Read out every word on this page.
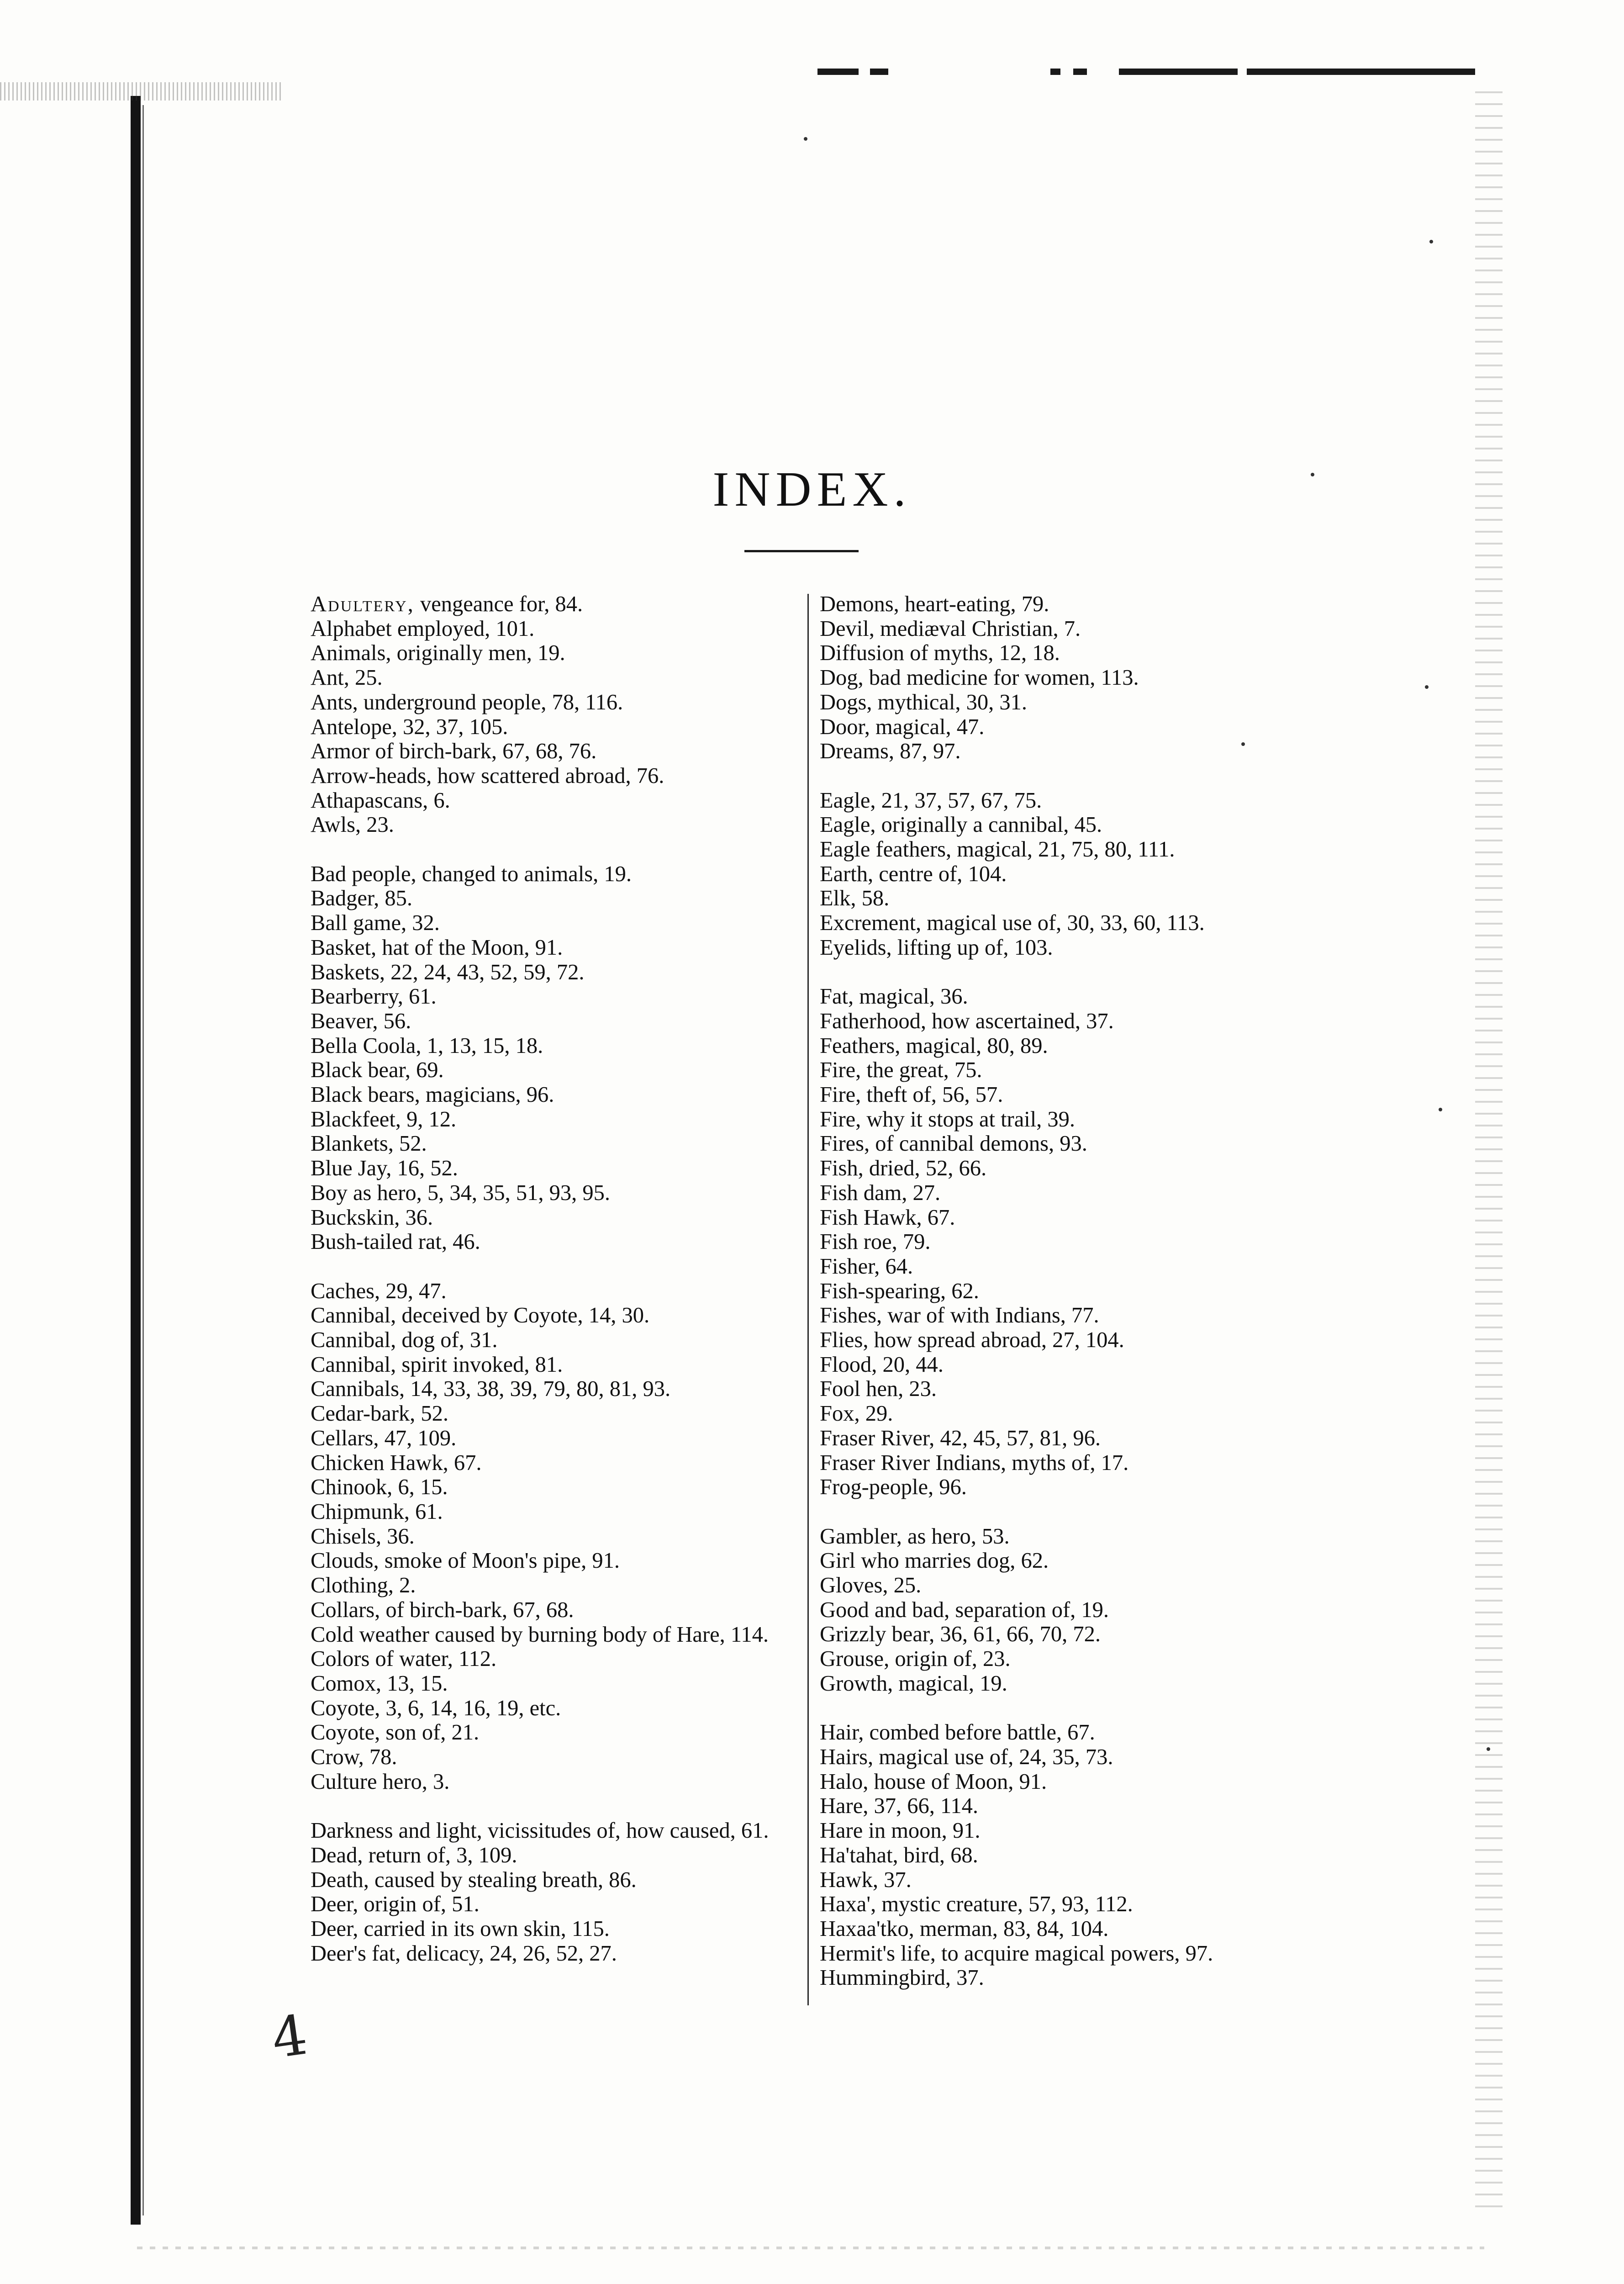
INDEX.
Adultery, vengeance for, 84.
Alphabet employed, 101.
Animals, originally men, 19.
Ant, 25.
Ants, underground people, 78, 116.
Antelope, 32, 37, 105.
Armor of birch-bark, 67, 68, 76.
Arrow-heads, how scattered abroad, 76.
Athapascans, 6.
Awls, 23.
Bad people, changed to animals, 19.
Badger, 85.
Ball game, 32.
Basket, hat of the Moon, 91.
Baskets, 22, 24, 43, 52, 59, 72.
Bearberry, 61.
Beaver, 56.
Bella Coola, 1, 13, 15, 18.
Black bear, 69.
Black bears, magicians, 96.
Blackfeet, 9, 12.
Blankets, 52.
Blue Jay, 16, 52.
Boy as hero, 5, 34, 35, 51, 93, 95.
Buckskin, 36.
Bush-tailed rat, 46.
Caches, 29, 47.
Cannibal, deceived by Coyote, 14, 30.
Cannibal, dog of, 31.
Cannibal, spirit invoked, 81.
Cannibals, 14, 33, 38, 39, 79, 80, 81, 93.
Cedar-bark, 52.
Cellars, 47, 109.
Chicken Hawk, 67.
Chinook, 6, 15.
Chipmunk, 61.
Chisels, 36.
Clouds, smoke of Moon's pipe, 91.
Clothing, 2.
Collars, of birch-bark, 67, 68.
Cold weather caused by burning body of Hare, 114.
Colors of water, 112.
Comox, 13, 15.
Coyote, 3, 6, 14, 16, 19, etc.
Coyote, son of, 21.
Crow, 78.
Culture hero, 3.
Darkness and light, vicissitudes of, how caused, 61.
Dead, return of, 3, 109.
Death, caused by stealing breath, 86.
Deer, origin of, 51.
Deer, carried in its own skin, 115.
Deer's fat, delicacy, 24, 26, 52, 27.
Demons, heart-eating, 79.
Devil, mediæval Christian, 7.
Diffusion of myths, 12, 18.
Dog, bad medicine for women, 113.
Dogs, mythical, 30, 31.
Door, magical, 47.
Dreams, 87, 97.
Eagle, 21, 37, 57, 67, 75.
Eagle, originally a cannibal, 45.
Eagle feathers, magical, 21, 75, 80, 111.
Earth, centre of, 104.
Elk, 58.
Excrement, magical use of, 30, 33, 60, 113.
Eyelids, lifting up of, 103.
Fat, magical, 36.
Fatherhood, how ascertained, 37.
Feathers, magical, 80, 89.
Fire, the great, 75.
Fire, theft of, 56, 57.
Fire, why it stops at trail, 39.
Fires, of cannibal demons, 93.
Fish, dried, 52, 66.
Fish dam, 27.
Fish Hawk, 67.
Fish roe, 79.
Fisher, 64.
Fish-spearing, 62.
Fishes, war of with Indians, 77.
Flies, how spread abroad, 27, 104.
Flood, 20, 44.
Fool hen, 23.
Fox, 29.
Fraser River, 42, 45, 57, 81, 96.
Fraser River Indians, myths of, 17.
Frog-people, 96.
Gambler, as hero, 53.
Girl who marries dog, 62.
Gloves, 25.
Good and bad, separation of, 19.
Grizzly bear, 36, 61, 66, 70, 72.
Grouse, origin of, 23.
Growth, magical, 19.
Hair, combed before battle, 67.
Hairs, magical use of, 24, 35, 73.
Halo, house of Moon, 91.
Hare, 37, 66, 114.
Hare in moon, 91.
Ha'tahat, bird, 68.
Hawk, 37.
Haxa', mystic creature, 57, 93, 112.
Haxaa'tko, merman, 83, 84, 104.
Hermit's life, to acquire magical powers, 97.
Hummingbird, 37.
4
